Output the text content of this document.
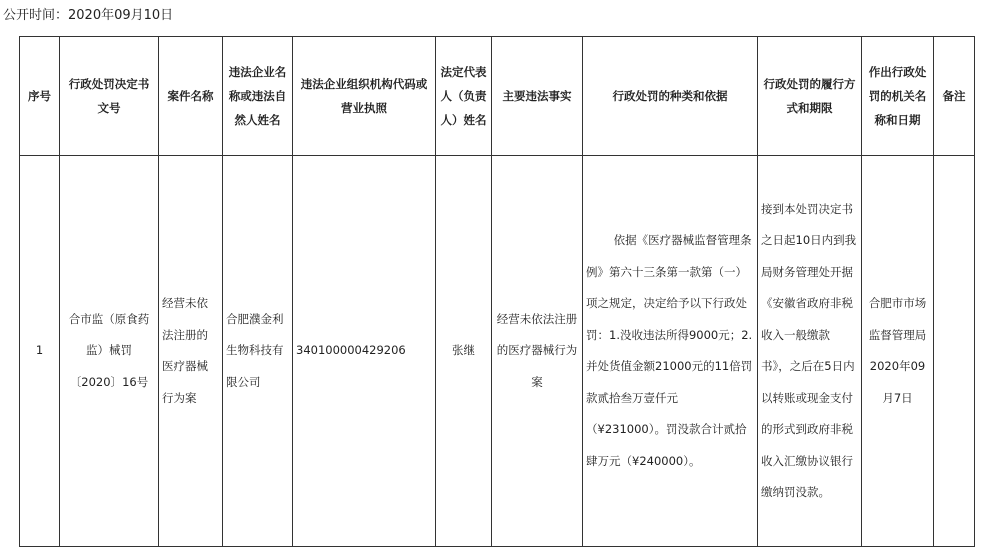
公开时间：2020年09月10日
序号	行政处罚决定书文号	案件名称	违法企业名称或违法自然人姓名	违法企业组织机构代码或营业执照	法定代表人（负责人）姓名	主要违法事实	行政处罚的种类和依据	行政处罚的履行方式和期限	作出行政处罚的机关名称和日期	备注
1	合市监（原食药监）械罚〔2020〕16号	经营未依法注册的医疗器械行为案	合肥濮金利生物科技有限公司	340100000429206	张继	经营未依法注册的医疗器械行为案	依据《医疗器械监督管理条例》第六十三条第一款第（一）项之规定，决定给予以下行政处罚：1.没收违法所得9000元；2.并处货值金额21000元的11倍罚款贰拾叁万壹仟元（¥231000）。罚没款合计贰拾肆万元（¥240000）。	接到本处罚决定书之日起10日内到我局财务管理处开据《安徽省政府非税收入一般缴款书》，之后在5日内以转账或现金支付的形式到政府非税收入汇缴协议银行缴纳罚没款。	合肥市市场监督管理局2020年09月7日	
